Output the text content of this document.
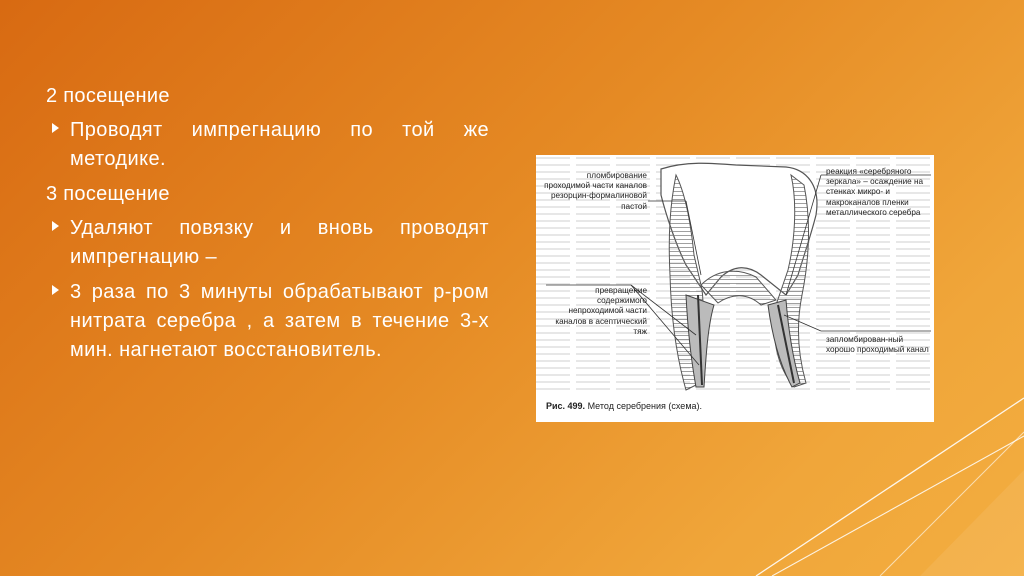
2 посещение
Проводят импрегнацию по той же методике.
3 посещение
Удаляют повязку и вновь проводят импрегнацию –
3 раза по 3 минуты обрабатывают р-ром нитрата серебра , а затем в течение 3-х мин. нагнетают восстановитель.
пломбирование проходимой части каналов резорцин-формалиновой пастой
превращение содержимого непроходимой части каналов в асептический тяж
реакция «серебряного зеркала» – осаждение на стенках микро- и макроканалов пленки металлического серебра
запломбирован-ный хорошо проходимый канал
Рис. 499. Метод серебрения (схема).
